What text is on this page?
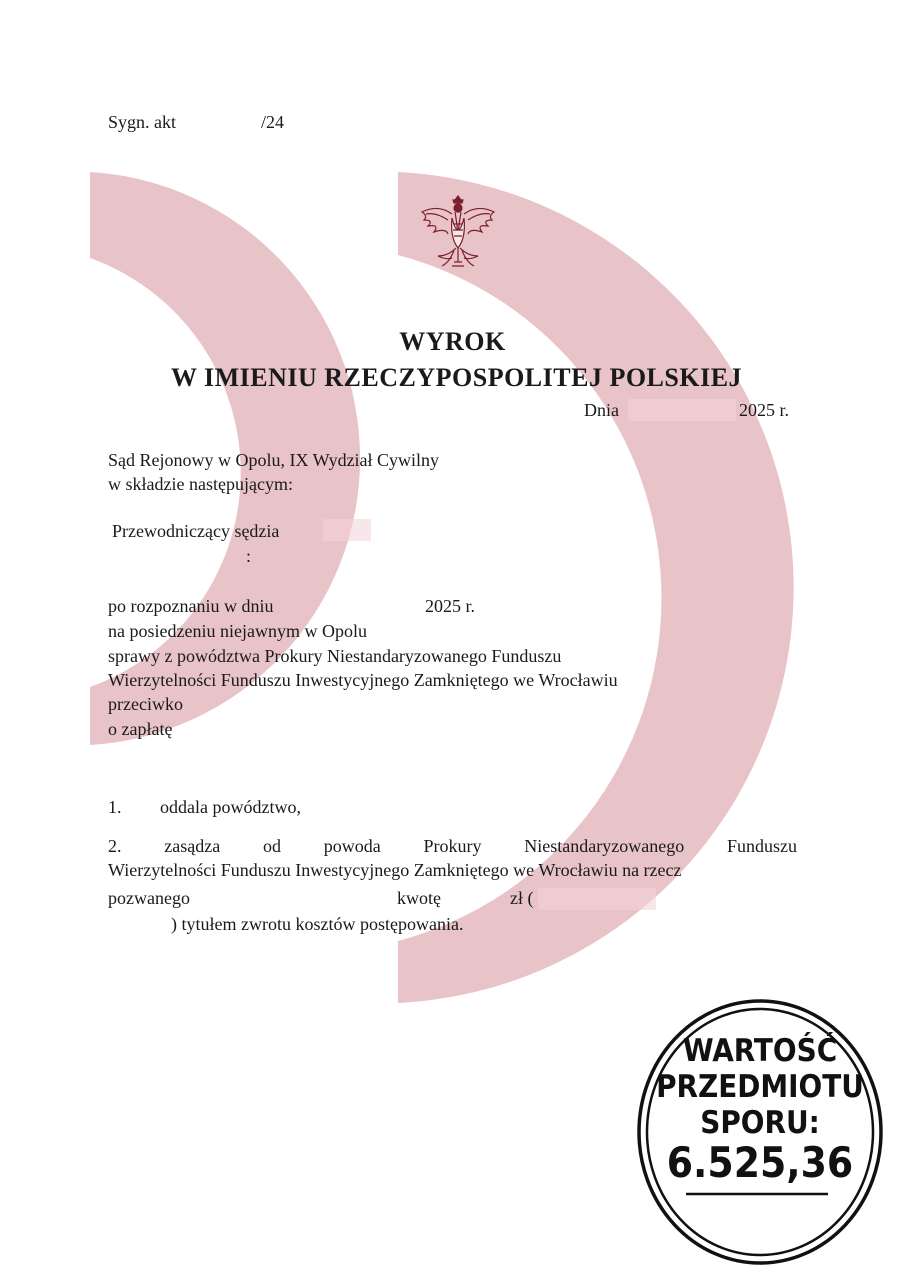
Sygn. akt	/24
WYROK
W IMIENIU RZECZYPOSPOLITEJ POLSKIEJ
Dnia	2025 r.
Sąd Rejonowy w Opolu, IX Wydział Cywilny
w składzie następującym:
Przewodniczący sędzia
:
po rozpoznaniu w dniu	2025 r.
na posiedzeniu niejawnym w Opolu
sprawy z powództwa Prokury Niestandaryzowanego Funduszu
Wierzytelności Funduszu Inwestycyjnego Zamkniętego we Wrocławiu
przeciwko
o zapłatę
1. oddala powództwo,
2. zasądza od powoda Prokury Niestandaryzowanego Funduszu
Wierzytelności Funduszu Inwestycyjnego Zamkniętego we Wrocławiu na rzecz
pozwanego	kwotę	zł (
) tytułem zwrotu kosztów postępowania.
WARTOŚĆ
PRZEDMIOTU
SPORU:
6.525,36
